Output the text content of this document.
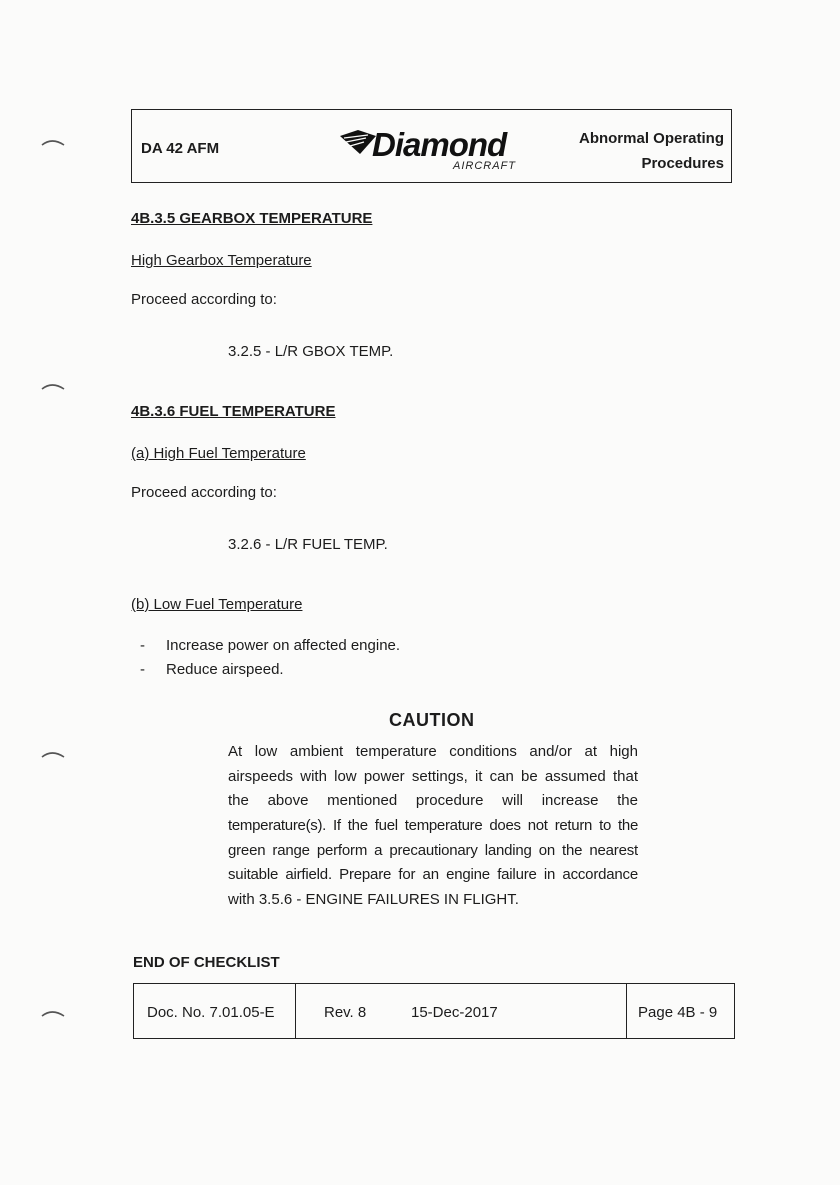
DA 42 AFM	Diamond
AIRCRAFT
Abnormal Operating
Procedures
4B.3.5 GEARBOX TEMPERATURE
High Gearbox Temperature
Proceed according to:
3.2.5 - L/R GBOX TEMP.
4B.3.6 FUEL TEMPERATURE
(a) High Fuel Temperature
Proceed according to:
3.2.6 - L/R FUEL TEMP.
(b) Low Fuel Temperature
- Increase power on affected engine.
- Reduce airspeed.
CAUTION
At low ambient temperature conditions and/or at high
airspeeds with low power settings, it can be assumed that
the above mentioned procedure will increase the
temperature(s). If the fuel temperature does not return to the
green range perform a precautionary landing on the nearest
suitable airfield. Prepare for an engine failure in accordance
with 3.5.6 - ENGINE FAILURES IN FLIGHT.
END OF CHECKLIST
Doc. No. 7.01.05-E	Rev. 8	15-Dec-2017	Page 4B - 9
